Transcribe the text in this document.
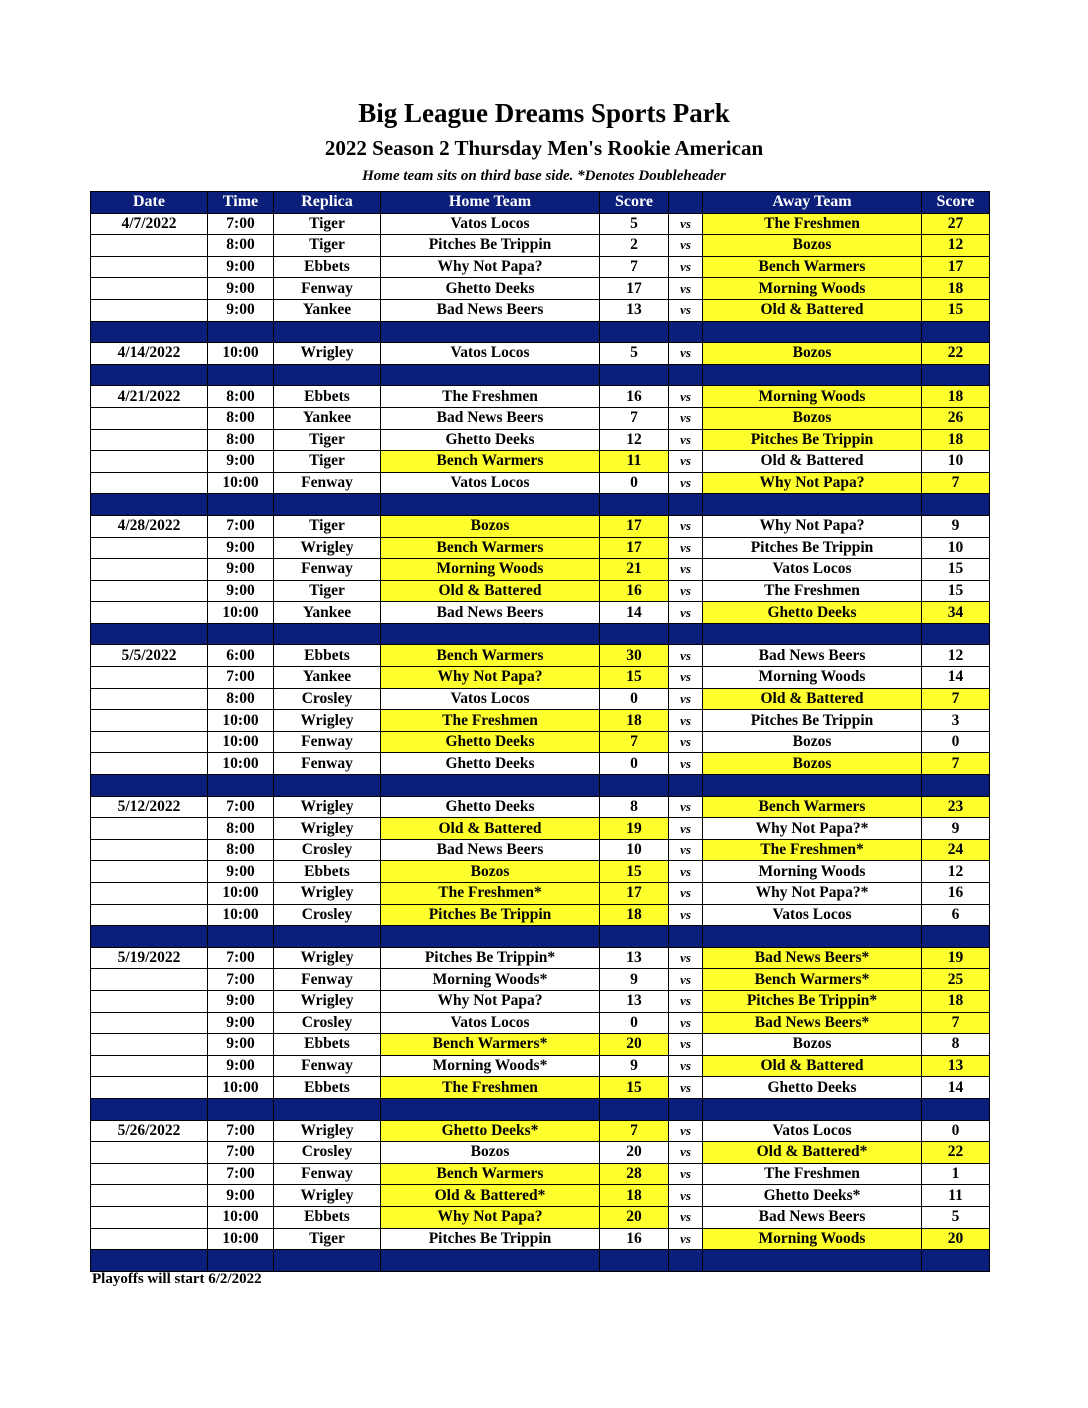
Big League Dreams Sports Park
2022 Season 2 Thursday Men's Rookie American
Home team sits on third base side. *Denotes Doubleheader
Date	Time	Replica	Home Team	Score		Away Team	Score
4/7/2022	7:00	Tiger	Vatos Locos	5	vs	The Freshmen	27
	8:00	Tiger	Pitches Be Trippin	2	vs	Bozos	12
	9:00	Ebbets	Why Not Papa?	7	vs	Bench Warmers	17
	9:00	Fenway	Ghetto Deeks	17	vs	Morning Woods	18
	9:00	Yankee	Bad News Beers	13	vs	Old & Battered	15

4/14/2022	10:00	Wrigley	Vatos Locos	5	vs	Bozos	22

4/21/2022	8:00	Ebbets	The Freshmen	16	vs	Morning Woods	18
	8:00	Yankee	Bad News Beers	7	vs	Bozos	26
	8:00	Tiger	Ghetto Deeks	12	vs	Pitches Be Trippin	18
	9:00	Tiger	Bench Warmers	11	vs	Old & Battered	10
	10:00	Fenway	Vatos Locos	0	vs	Why Not Papa?	7

4/28/2022	7:00	Tiger	Bozos	17	vs	Why Not Papa?	9
	9:00	Wrigley	Bench Warmers	17	vs	Pitches Be Trippin	10
	9:00	Fenway	Morning Woods	21	vs	Vatos Locos	15
	9:00	Tiger	Old & Battered	16	vs	The Freshmen	15
	10:00	Yankee	Bad News Beers	14	vs	Ghetto Deeks	34

5/5/2022	6:00	Ebbets	Bench Warmers	30	vs	Bad News Beers	12
	7:00	Yankee	Why Not Papa?	15	vs	Morning Woods	14
	8:00	Crosley	Vatos Locos	0	vs	Old & Battered	7
	10:00	Wrigley	The Freshmen	18	vs	Pitches Be Trippin	3
	10:00	Fenway	Ghetto Deeks	7	vs	Bozos	0
	10:00	Fenway	Ghetto Deeks	0	vs	Bozos	7

5/12/2022	7:00	Wrigley	Ghetto Deeks	8	vs	Bench Warmers	23
	8:00	Wrigley	Old & Battered	19	vs	Why Not Papa?*	9
	8:00	Crosley	Bad News Beers	10	vs	The Freshmen*	24
	9:00	Ebbets	Bozos	15	vs	Morning Woods	12
	10:00	Wrigley	The Freshmen*	17	vs	Why Not Papa?*	16
	10:00	Crosley	Pitches Be Trippin	18	vs	Vatos Locos	6

5/19/2022	7:00	Wrigley	Pitches Be Trippin*	13	vs	Bad News Beers*	19
	7:00	Fenway	Morning Woods*	9	vs	Bench Warmers*	25
	9:00	Wrigley	Why Not Papa?	13	vs	Pitches Be Trippin*	18
	9:00	Crosley	Vatos Locos	0	vs	Bad News Beers*	7
	9:00	Ebbets	Bench Warmers*	20	vs	Bozos	8
	9:00	Fenway	Morning Woods*	9	vs	Old & Battered	13
	10:00	Ebbets	The Freshmen	15	vs	Ghetto Deeks	14

5/26/2022	7:00	Wrigley	Ghetto Deeks*	7	vs	Vatos Locos	0
	7:00	Crosley	Bozos	20	vs	Old & Battered*	22
	7:00	Fenway	Bench Warmers	28	vs	The Freshmen	1
	9:00	Wrigley	Old & Battered*	18	vs	Ghetto Deeks*	11
	10:00	Ebbets	Why Not Papa?	20	vs	Bad News Beers	5
	10:00	Tiger	Pitches Be Trippin	16	vs	Morning Woods	20

Playoffs will start 6/2/2022
